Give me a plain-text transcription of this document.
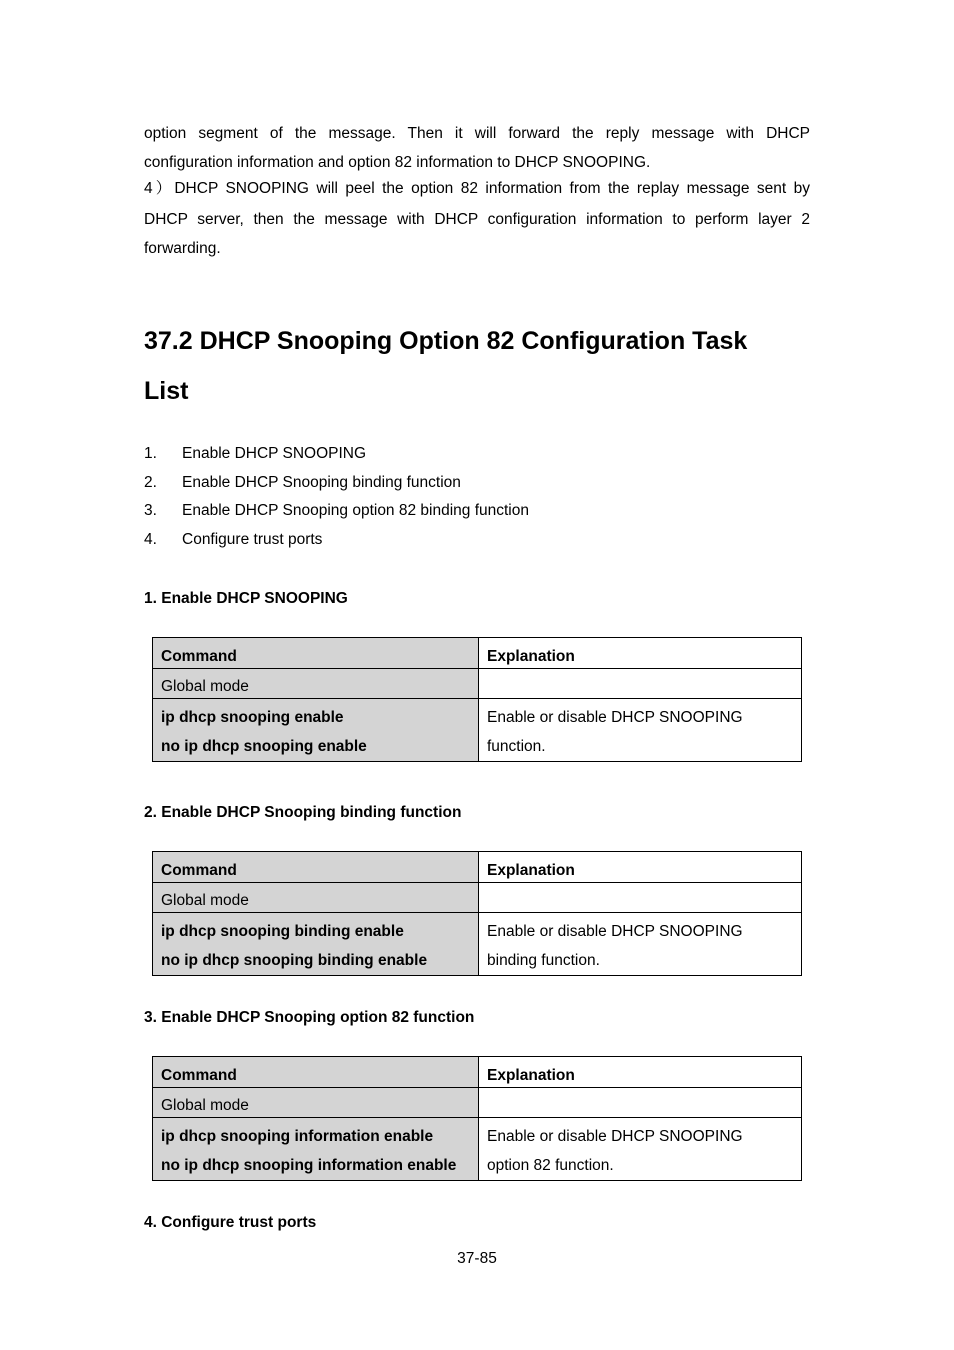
option segment of the message. Then it will forward the reply message with DHCP

configuration information and option 82 information to DHCP SNOOPING.

4）DHCP SNOOPING will peel the option 82 information from the replay message sent by

DHCP server, then the message with DHCP configuration information to perform layer 2

forwarding.

37.2 DHCP Snooping Option 82 Configuration Task
List
1. Enable DHCP SNOOPING
2. Enable DHCP Snooping binding function
3. Enable DHCP Snooping option 82 binding function
4. Configure trust ports

1. Enable DHCP SNOOPING

Command	Explanation
Global mode	
ip dhcp snooping enable
no ip dhcp snooping enable	Enable or disable DHCP SNOOPING
function.

2. Enable DHCP Snooping binding function

Command	Explanation
Global mode	
ip dhcp snooping binding enable
no ip dhcp snooping binding enable	Enable or disable DHCP SNOOPING
binding function.

3. Enable DHCP Snooping option 82 function

Command	Explanation
Global mode	
ip dhcp snooping information enable
no ip dhcp snooping information enable	Enable or disable DHCP SNOOPING
option 82 function.

4. Configure trust ports

37-85
